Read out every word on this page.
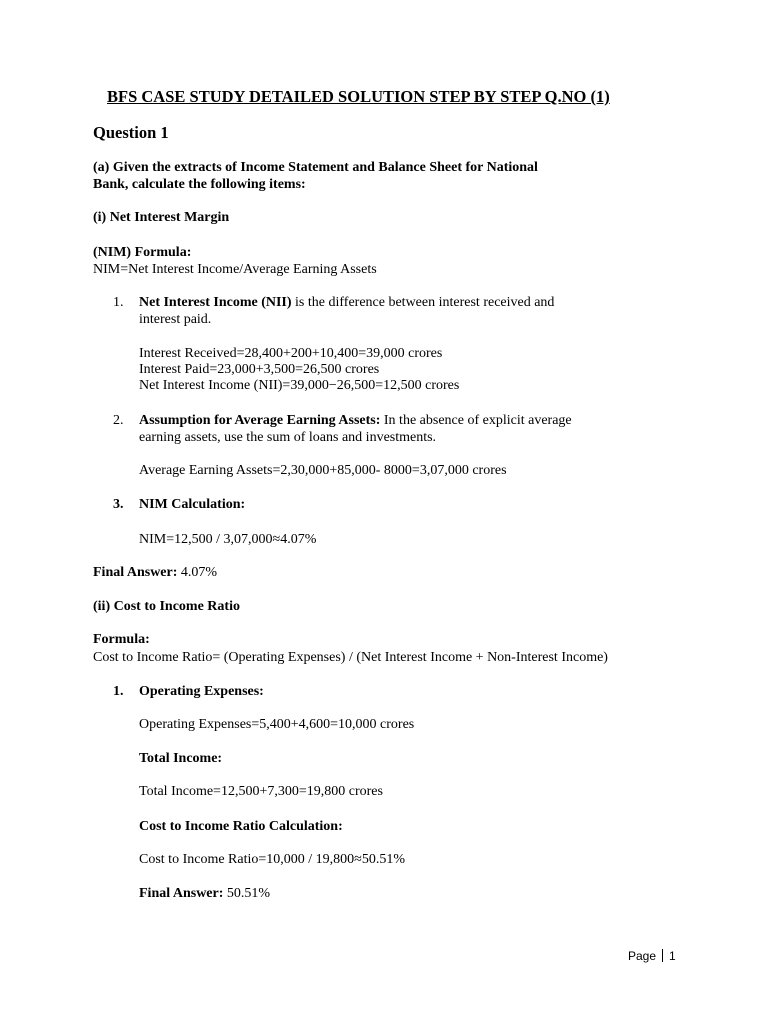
BFS CASE STUDY DETAILED SOLUTION STEP BY STEP Q.NO (1)
Question 1
(a) Given the extracts of Income Statement and Balance Sheet for National
Bank, calculate the following items:
(i) Net Interest Margin
(NIM) Formula:
NIM=Net Interest Income/Average Earning Assets
1. Net Interest Income (NII) is the difference between interest received and
interest paid.
Interest Received=28,400+200+10,400=39,000 crores
Interest Paid=23,000+3,500=26,500 crores
Net Interest Income (NII)=39,000−26,500=12,500 crores
2. Assumption for Average Earning Assets: In the absence of explicit average
earning assets, use the sum of loans and investments.
Average Earning Assets=2,30,000+85,000- 8000=3,07,000 crores
3. NIM Calculation:
NIM=12,500 / 3,07,000≈4.07%
Final Answer: 4.07%
(ii) Cost to Income Ratio
Formula:
Cost to Income Ratio= (Operating Expenses) / (Net Interest Income + Non-Interest Income)
1. Operating Expenses:
Operating Expenses=5,400+4,600=10,000 crores
Total Income:
Total Income=12,500+7,300=19,800 crores
Cost to Income Ratio Calculation:
Cost to Income Ratio=10,000 / 19,800≈50.51%
Final Answer: 50.51%
Page 1
